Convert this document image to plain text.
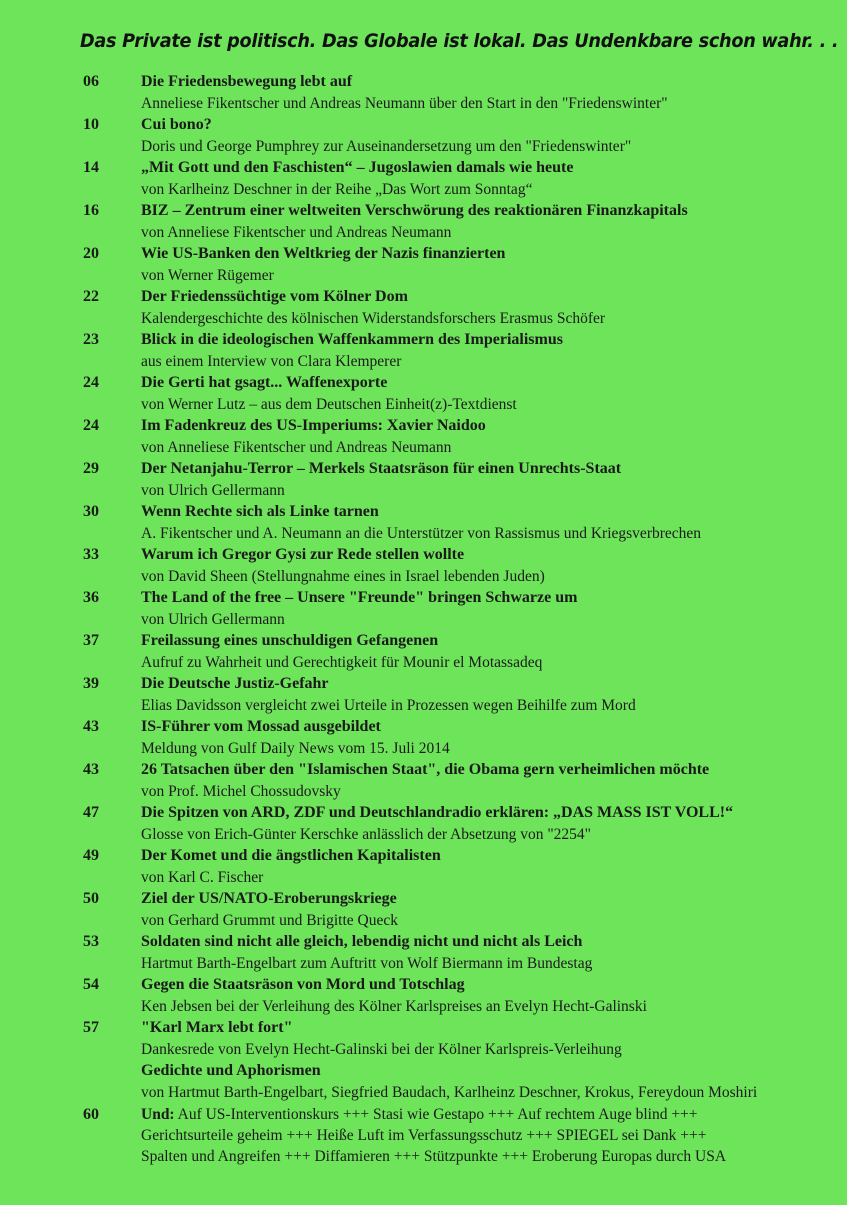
Das Private ist politisch. Das Globale ist lokal. Das Undenkbare schon wahr. . .
06	Die Friedensbewegung lebt auf
Anneliese Fikentscher und Andreas Neumann über den Start in den "Friedenswinter"
10	Cui bono?
Doris und George Pumphrey zur Auseinandersetzung um den "Friedenswinter"
14	„Mit Gott und den Faschisten“ – Jugoslawien damals wie heute
von Karlheinz Deschner in der Reihe „Das Wort zum Sonntag“
16	BIZ – Zentrum einer weltweiten Verschwörung des reaktionären Finanzkapitals
von Anneliese Fikentscher und Andreas Neumann
20	Wie US-Banken den Weltkrieg der Nazis finanzierten
von Werner Rügemer
22	Der Friedenssüchtige vom Kölner Dom
Kalendergeschichte des kölnischen Widerstandsforschers Erasmus Schöfer
23	Blick in die ideologischen Waffenkammern des Imperialismus
aus einem Interview von Clara Klemperer
24	Die Gerti hat gsagt... Waffenexporte
von Werner Lutz – aus dem Deutschen Einheit(z)-Textdienst
24	Im Fadenkreuz des US-Imperiums: Xavier Naidoo
von Anneliese Fikentscher und Andreas Neumann
29	Der Netanjahu-Terror – Merkels Staatsräson für einen Unrechts-Staat
von Ulrich Gellermann
30	Wenn Rechte sich als Linke tarnen
A. Fikentscher und A. Neumann an die Unterstützer von Rassismus und Kriegsverbrechen
33	Warum ich Gregor Gysi zur Rede stellen wollte
von David Sheen (Stellungnahme eines in Israel lebenden Juden)
36	The Land of the free – Unsere "Freunde" bringen Schwarze um
von Ulrich Gellermann
37	Freilassung eines unschuldigen Gefangenen
Aufruf zu Wahrheit und Gerechtigkeit für Mounir el Motassadeq
39	Die Deutsche Justiz-Gefahr
Elias Davidsson vergleicht zwei Urteile in Prozessen wegen Beihilfe zum Mord
43	IS-Führer vom Mossad ausgebildet
Meldung von Gulf Daily News vom 15. Juli 2014
43	26 Tatsachen über den "Islamischen Staat", die Obama gern verheimlichen möchte
von Prof. Michel Chossudovsky
47	Die Spitzen von ARD, ZDF und Deutschlandradio erklären: „DAS MASS IST VOLL!“
Glosse von Erich-Günter Kerschke anlässlich der Absetzung von "2254"
49	Der Komet und die ängstlichen Kapitalisten
von Karl C. Fischer
50	Ziel der US/NATO-Eroberungskriege
von Gerhard Grummt und Brigitte Queck
53	Soldaten sind nicht alle gleich, lebendig nicht und nicht als Leich
Hartmut Barth-Engelbart zum Auftritt von Wolf Biermann im Bundestag
54	Gegen die Staatsräson von Mord und Totschlag
Ken Jebsen bei der Verleihung des Kölner Karlspreises an Evelyn Hecht-Galinski
57	"Karl Marx lebt fort"
Dankesrede von Evelyn Hecht-Galinski bei der Kölner Karlspreis-Verleihung
Gedichte und Aphorismen
von Hartmut Barth-Engelbart, Siegfried Baudach, Karlheinz Deschner, Krokus, Fereydoun Moshiri
60	Und: Auf US-Interventionskurs +++ Stasi wie Gestapo +++ Auf rechtem Auge blind +++
Gerichtsurteile geheim +++ Heiße Luft im Verfassungsschutz +++ SPIEGEL sei Dank +++
Spalten und Angreifen +++ Diffamieren +++ Stützpunkte +++ Eroberung Europas durch USA
